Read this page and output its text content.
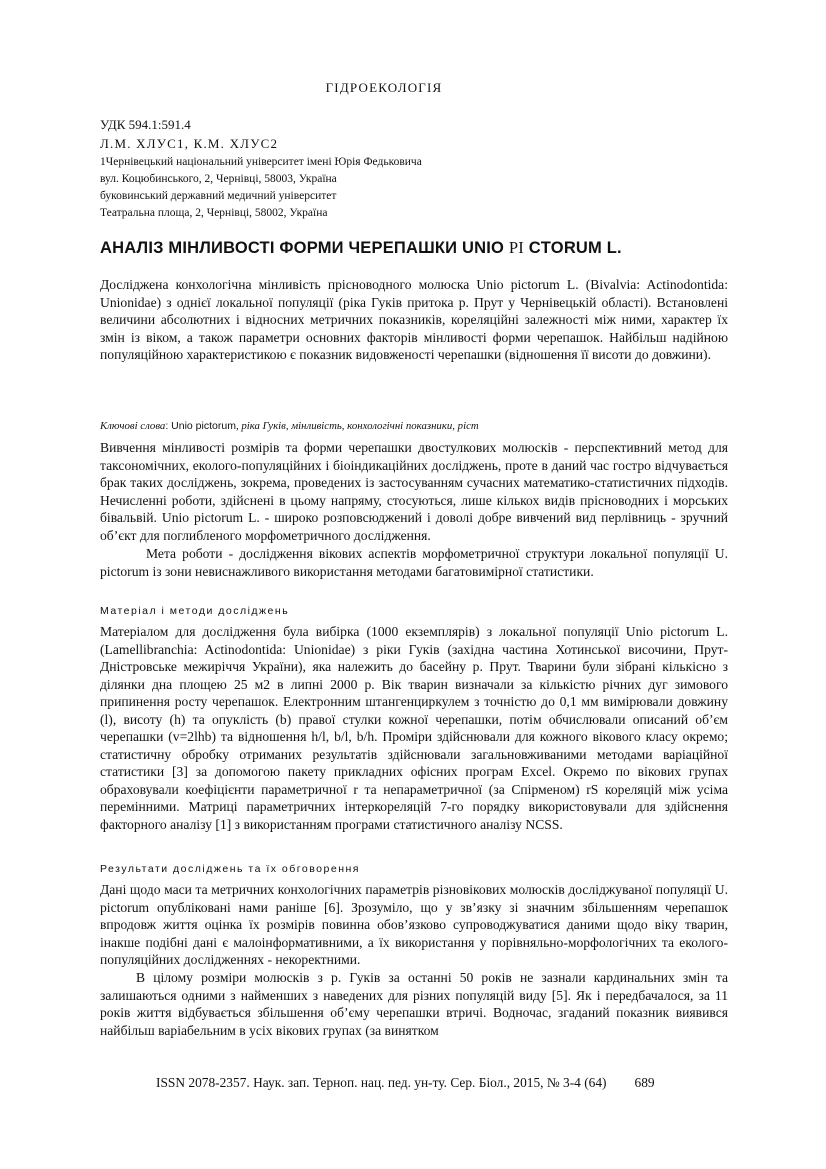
ГІДРОЕКОЛОГІЯ
УДК 594.1:591.4
Л.М. ХЛУС1, К.М. ХЛУС2
1Чернівецький національний університет імені Юрія Федьковича
вул. Коцюбинського, 2, Чернівці, 58003, Україна
буковинський державний медичний університет
Театральна площа, 2, Чернівці, 58002, Україна
АНАЛІЗ МІНЛИВОСТІ ФОРМИ ЧЕРЕПАШКИ UNIO PI CTORUM L.

Досліджена конхологічна мінливість прісноводного молюска Unio pictorum L. (Bivalvia: Actinodontida: Unionidae) з однієї локальної популяції (ріка Гуків притока р. Прут у Чернівецькій області). Встановлені величини абсолютних і відносних метричних показників, кореляційні залежності між ними, характер їх змін із віком, а також параметри основних факторів мінливості форми черепашок. Найбільш надійною популяційною характеристикою є показник видовженості черепашки (відношення її висоти до довжини).

Ключові слова: Unio pictorum, ріка Гуків, мінливість, конхологічні показники, ріст

Вивчення мінливості розмірів та форми черепашки двостулкових молюсків - перспективний метод для таксономічних, еколого-популяційних і біоіндикаційних досліджень, проте в даний час гостро відчувається брак таких досліджень, зокрема, проведених із застосуванням сучасних математико-статистичних підходів. Нечисленні роботи, здійснені в цьому напряму, стосуються, лише кількох видів прісноводних і морських бівальвій. Unio pictorum L. - широко розповсюджений і доволі добре вивчений вид перлівниць - зручний об’єкт для поглибленого морфометричного дослідження.

Мета роботи - дослідження вікових аспектів морфометричної структури локальної популяції U. pictorum із зони невиснажливого використання методами багатовимірної статистики.

Матеріал і методи досліджень

Матеріалом для дослідження була вибірка (1000 екземплярів) з локальної популяції Unio pictorum L. (Lamellibranchia: Actinodontida: Unionidae) з ріки Гуків (західна частина Хотинської височини, Прут-Дністровське межиріччя України), яка належить до басейну р. Прут. Тварини були зібрані кількісно з ділянки дна площею 25 м2 в липні 2000 р. Вік тварин визначали за кількістю річних дуг зимового припинення росту черепашок. Електронним штангенциркулем з точністю до 0,1 мм вимірювали довжину (l), висоту (h) та опуклість (b) правої стулки кожної черепашки, потім обчислювали описаний об’єм черепашки (v=2lhb) та відношення h/l, b/l, b/h. Проміри здійснювали для кожного вікового класу окремо; статистичну обробку отриманих результатів здійснювали загальновживаними методами варіаційної статистики [3] за допомогою пакету прикладних офісних програм Excel. Окремо по вікових групах обраховували коефіцієнти параметричної r та непараметричної (за Спірменом) rS кореляцій між усіма перемінними. Матриці параметричних інтеркореляцій 7-го порядку використовували для здійснення факторного аналізу [1] з використанням програми статистичного аналізу NCSS.

Результати досліджень та їх обговорення

Дані щодо маси та метричних конхологічних параметрів різновікових молюсків досліджуваної популяції U. pictorum опубліковані нами раніше [6]. Зрозуміло, що у зв’язку зі значним збільшенням черепашок впродовж життя оцінка їх розмірів повинна обов’язково супроводжуватися даними щодо віку тварин, інакше подібні дані є малоінформативними, а їх використання у порівняльно-морфологічних та еколого-популяційних дослідженнях - некоректними.

В цілому розміри молюсків з р. Гуків за останні 50 років не зазнали кардинальних змін та залишаються одними з найменших з наведених для різних популяцій виду [5]. Як і передбачалося, за 11 років життя відбувається збільшення об’єму черепашки втричі. Водночас, згаданий показник виявився найбільш варіабельним в усіх вікових групах (за винятком

ISSN 2078-2357. Наук. зап. Терноп. нац. пед. ун-ту. Сер. Біол., 2015, № 3-4 (64) 689
